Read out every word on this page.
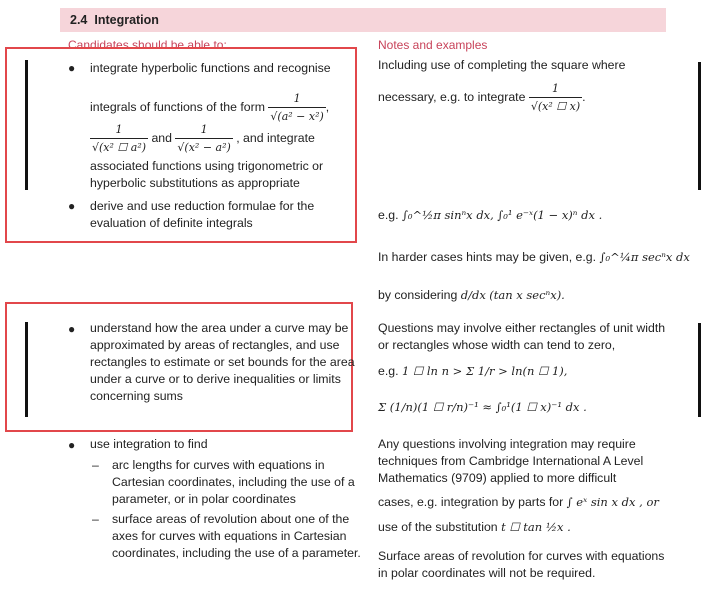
2.4 Integration
Candidates should be able to:	Notes and examples
● integrate hyperbolic functions and recognise
integrals of functions of the form $\frac{1}{\text{√(a² − x²)}}$ ,
$\frac{1}{\text{√(x² ☐ a²)}}$ and $\frac{1}{\text{√(x² − a²)}}$ , and integrate
associated functions using trigonometric or
hyperbolic substitutions as appropriate
● derive and use reduction formulae for the
evaluation of definite integrals
● understand how the area under a curve may be
approximated by areas of rectangles, and use
rectangles to estimate or set bounds for the area
under a curve or to derive inequalities or limits
concerning sums
● use integration to find
– arc lengths for curves with equations in
Cartesian coordinates, including the use of a
parameter, or in polar coordinates
– surface areas of revolution about one of the
axes for curves with equations in Cartesian
coordinates, including the use of a parameter.
Including use of completing the square where
necessary, e.g. to integrate $\frac{1}{\text{√(x² ☐ x)}}$ .
e.g. ∫₀^½π sinⁿx dx, ∫₀¹ e⁻ˣ(1 − x)ⁿ dx .
In harder cases hints may be given, e.g. ∫₀^¼π secⁿx dx
by considering d/dx (tan x secⁿx).
Questions may involve either rectangles of unit width
or rectangles whose width can tend to zero,
e.g. 1 ☐ ln n > Σ 1/r > ln(n ☐ 1),
Σ (1/n)(1 ☐ r/n)⁻¹ ≈ ∫₀¹(1 ☐ x)⁻¹ dx .
Any questions involving integration may require
techniques from Cambridge International A Level
Mathematics (9709) applied to more difficult
cases, e.g. integration by parts for ∫ eˣ sin x dx , or
use of the substitution t ☐ tan ½x .
Surface areas of revolution for curves with equations
in polar coordinates will not be required.
